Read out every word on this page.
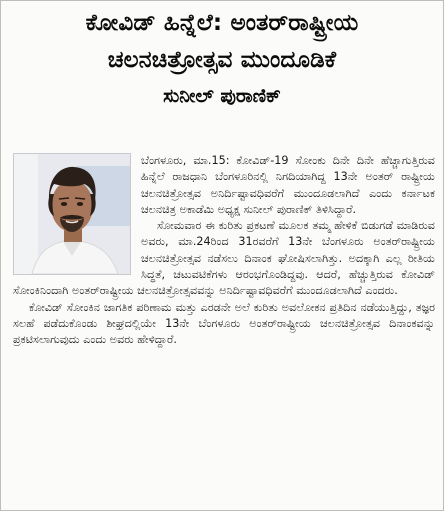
ಕೋವಿಡ್ ಹಿನ್ನೆಲೆ: ಅಂತರ್‌ರಾಷ್ಟ್ರೀಯ
ಚಲನಚಿತ್ರೋತ್ಸವ ಮುಂದೂಡಿಕೆ
ಸುನೀಲ್ ಪುರಾಣಿಕ್

ಬೆಂಗಳೂರು, ಮಾ.15: ಕೋವಿಡ್-19 ಸೋಂಕು ದಿನೇ ದಿನೇ ಹೆಚ್ಚಾಗುತ್ತಿರುವ ಹಿನ್ನೆಲೆ ರಾಜಧಾನಿ ಬೆಂಗಳೂರಿನಲ್ಲಿ ನಿಗದಿಯಾಗಿದ್ದ 13ನೇ ಅಂತರ್ ರಾಷ್ಟ್ರೀಯ ಚಲನಚಿತ್ರೋತ್ಸವ ಅನಿರ್ದಿಷ್ಟಾವಧಿವರೆಗೆ ಮುಂದೂಡಲಾಗಿದೆ ಎಂದು ಕರ್ನಾಟಕ ಚಲನಚಿತ್ರ ಅಕಾಡೆಮಿ ಅಧ್ಯಕ್ಷ ಸುನೀಲ್ ಪುರಾಣಿಕ್ ತಿಳಿಸಿದ್ದಾರೆ.

ಸೋಮವಾರ ಈ ಕುರಿತು ಪ್ರಕಟಣೆ ಮೂಲಕ ತಮ್ಮ ಹೇಳಿಕೆ ಬಿಡುಗಡೆ ಮಾಡಿರುವ ಅವರು, ಮಾ.24ರಿಂದ 31ರವರೆಗೆ 13ನೇ ಬೆಂಗಳೂರು ಅಂತರ್‌ರಾಷ್ಟ್ರೀಯ ಚಲನಚಿತ್ರೋತ್ಸವ ನಡೆಸಲು ದಿನಾಂಕ ಘೋಷಿಸಲಾಗಿತ್ತು. ಅದಕ್ಕಾಗಿ ಎಲ್ಲ ರೀತಿಯ ಸಿದ್ಧತೆ, ಚಟುವಟಿಕೆಗಳು ಆರಂಭಗೊಂಡಿದ್ದವು. ಆದರೆ, ಹೆಚ್ಚುತ್ತಿರುವ ಕೋವಿಡ್ ಸೋಂಕಿನಿಂದಾಗಿ ಅಂತರ್‌ರಾಷ್ಟ್ರೀಯ ಚಲನಚಿತ್ರೋತ್ಸವವನ್ನು ಅನಿರ್ದಿಷ್ಟಾವಧಿವರೆಗೆ ಮುಂದೂಡಲಾಗಿದೆ ಎಂದರು.

ಕೋವಿಡ್ ಸೋಂಕಿನ ಜಾಗತಿಕ ಪರಿಣಾಮ ಮತ್ತು ಎರಡನೇ ಅಲೆ ಕುರಿತು ಅವಲೋಕನ ಪ್ರತಿದಿನ ನಡೆಯುತ್ತಿದ್ದು, ತಜ್ಞರ ಸಲಹೆ ಪಡೆದುಕೊಂಡು ಶೀಘ್ರದಲ್ಲಿಯೇ 13ನೇ ಬೆಂಗಳೂರು ಅಂತರ್‌ರಾಷ್ಟ್ರೀಯ ಚಲನಚಿತ್ರೋತ್ಸವ ದಿನಾಂಕವನ್ನು ಪ್ರಕಟಿಸಲಾಗುವುದು ಎಂದು ಅವರು ಹೇಳಿದ್ದಾರೆ.
